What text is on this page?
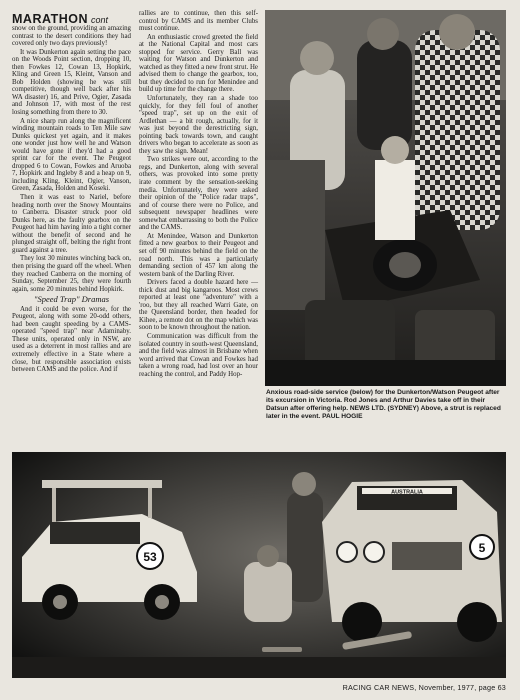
MARATHON cont

snow on the ground, providing an amazing contrast to the desert conditions they had covered only two days previously!

It was Dunkerton again setting the pace on the Woods Point section, dropping 10, then Fowkes 12, Cowan 13, Hopkirk, Kling and Green 15, Kleint, Vanson and Bob Holden (showing he was still competitive, though well back after his WA disaster) 16, and Prive, Ogier, Zasada and Johnson 17, with most of the rest losing something from there to 30.

A nice sharp run along the magnificent winding mountain roads to Ten Mile saw Dunks quickest yet again, and it makes one wonder just how well he and Watson would have gone if they'd had a good sprint car for the event. The Peugeot dropped 6 to Cowan, Fowkes and Aruoba 7, Hopkirk and Ingleby 8 and a heap on 9, including Kling, Kleint, Ogier, Vanson, Green, Zasada, Holden and Koseki.

Then it was east to Nariel, before heading north over the Snowy Mountains to Canberra. Disaster struck poor old Dunks here, as the faulty gearbox on the Peugeot had him having into a tight corner without the benefit of second and he plunged straight off, belting the right front guard against a tree.

They lost 30 minutes winching back on, then prising the guard off the wheel. When they reached Canberra on the morning of Sunday, September 25, they were fourth again, some 20 minutes behind Hopkirk.

"Speed Trap" Dramas

And it could be even worse, for the Peugeot, along with some 20-odd others, had been caught speeding by a CAMS-operated "speed trap" near Adaminaby. These units, operated only in NSW, are used as a deterrent in most rallies and are extremely effective in a State where a close, but responsible association exists between CAMS and the police. And if

rallies are to continue, then this self-control by CAMS and its member Clubs must continue.

An enthusiastic crowd greeted the field at the National Capital and most cars stopped for service. Gerry Ball was waiting for Watson and Dunkerton and watched as they fitted a new front strut. He advised them to change the gearbox, too, but they decided to run for Menindee and build up time for the change there.

Unfortunately, they ran a shade too quickly, for they fell foul of another "speed trap", set up on the exit of Ardlethan — a bit rough, actually, for it was just beyond the derestricting sign, pointing back towards town, and caught drivers who began to accelerate as soon as they saw the sign. Mean!

Two strikes were out, according to the regs, and Dunkerton, along with several others, was provoked into some pretty irate comment by the sensation-seeking media. Unfortunately, they were asked their opinion of the "Police radar traps", and of course there were no Police, and subsequent newspaper headlines were somewhat embarrassing to both the Police and the CAMS.

At Menindee, Watson and Dunkerton fitted a new gearbox to their Peugeot and set off 90 minutes behind the field on the road north. This was a particularly demanding section of 457 km along the western bank of the Darling River.

Drivers faced a double hazard here — thick dust and big kangaroos. Most crews reported at least one "adventure" with a 'roo, but they all reached Warri Gate, on the Queensland border, then headed for Kihee, a remote dot on the map which was soon to be known throughout the nation.

Communication was difficult from the isolated country in south-west Queensland, and the field was almost in Brisbane when word arrived that Cowan and Fowkes had taken a wrong road, had lost over an hour reaching the control, and Paddy Hop-

Anxious road-side service (below) for the Dunkerton/Watson Peugeot after its excursion in Victoria. Rod Jones and Arthur Davies take off in their Datsun after offering help. NEWS LTD. (SYDNEY) Above, a strut is replaced later in the event. PAUL HOGIE
53
AUSTRALIA
5
RACING CAR NEWS, November, 1977, page 63
